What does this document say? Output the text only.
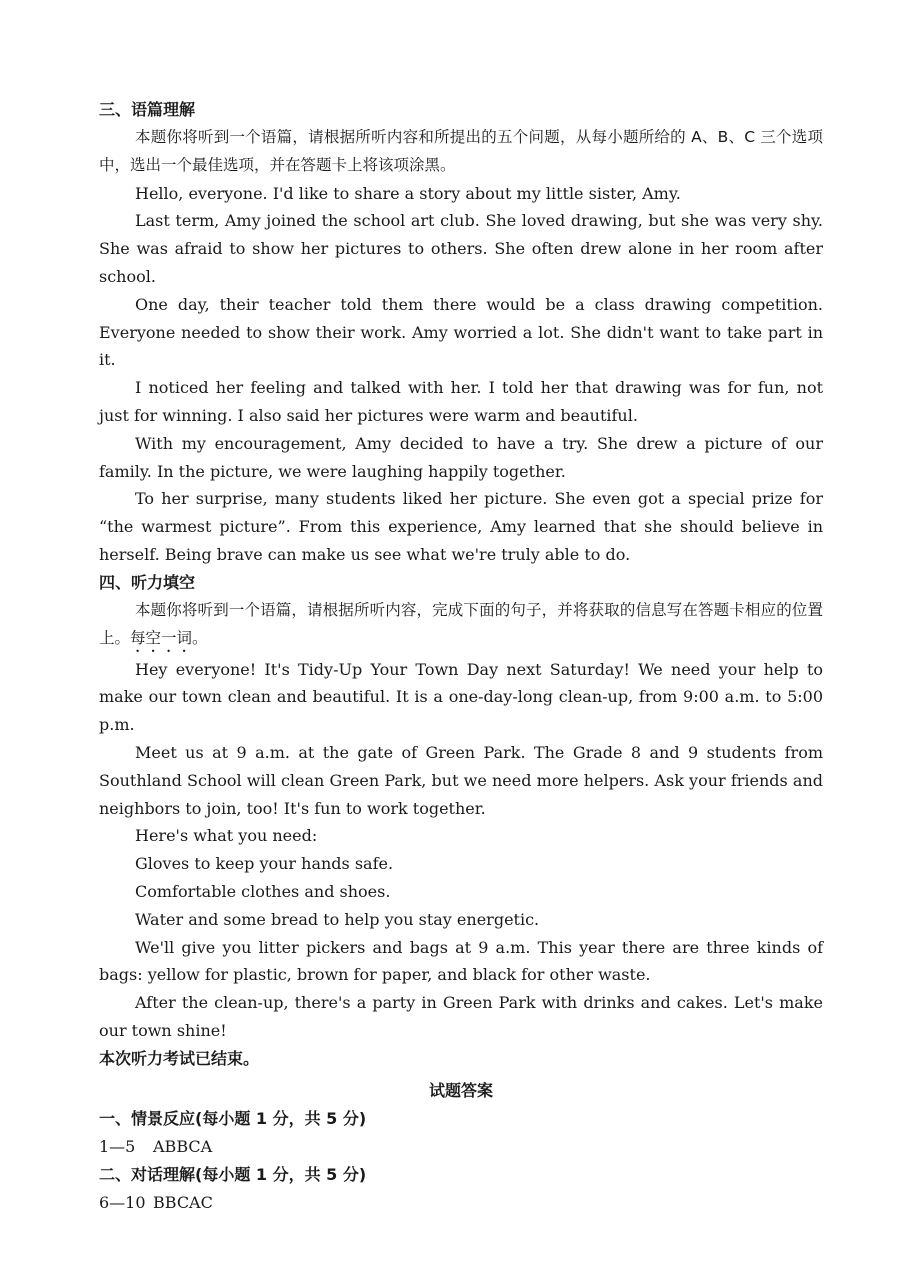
三、语篇理解

本题你将听到一个语篇，请根据所听内容和所提出的五个问题，从每小题所给的 A、B、C 三个选项中，选出一个最佳选项，并在答题卡上将该项涂黑。

Hello, everyone. I'd like to share a story about my little sister, Amy.

Last term, Amy joined the school art club. She loved drawing, but she was very shy. She was afraid to show her pictures to others. She often drew alone in her room after school.

One day, their teacher told them there would be a class drawing competition. Everyone needed to show their work. Amy worried a lot. She didn't want to take part in it.

I noticed her feeling and talked with her. I told her that drawing was for fun, not just for winning. I also said her pictures were warm and beautiful.

With my encouragement, Amy decided to have a try. She drew a picture of our family. In the picture, we were laughing happily together.

To her surprise, many students liked her picture. She even got a special prize for “the warmest picture”. From this experience, Amy learned that she should believe in herself. Being brave can make us see what we're truly able to do.

四、听力填空

本题你将听到一个语篇，请根据所听内容，完成下面的句子，并将获取的信息写在答题卡相应的位置上。每空一词。

Hey everyone! It's Tidy-Up Your Town Day next Saturday! We need your help to make our town clean and beautiful. It is a one-day-long clean-up, from 9:00 a.m. to 5:00 p.m.

Meet us at 9 a.m. at the gate of Green Park. The Grade 8 and 9 students from Southland School will clean Green Park, but we need more helpers. Ask your friends and neighbors to join, too! It's fun to work together.

Here's what you need:
Gloves to keep your hands safe.
Comfortable clothes and shoes.
Water and some bread to help you stay energetic.

We'll give you litter pickers and bags at 9 a.m. This year there are three kinds of bags: yellow for plastic, brown for paper, and black for other waste.

After the clean-up, there's a party in Green Park with drinks and cakes. Let's make our town shine!

本次听力考试已结束。
试题答案
一、情景反应(每小题 1 分，共 5 分)
1—5 ABBCA
二、对话理解(每小题 1 分，共 5 分)
6—10 BBCAC
